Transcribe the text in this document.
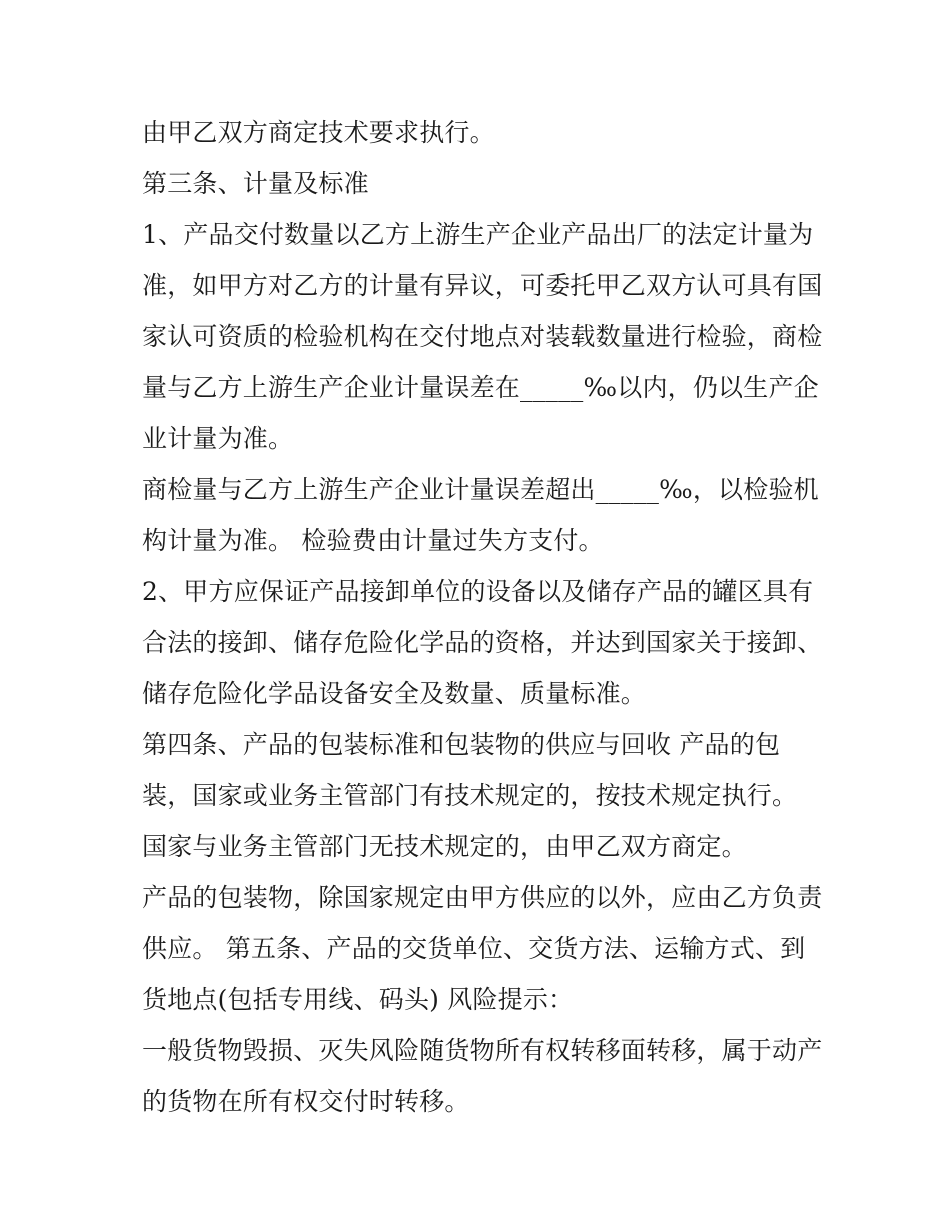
由甲乙双方商定技术要求执行。
第三条、计量及标准
1、产品交付数量以乙方上游生产企业产品出厂的法定计量为
准，如甲方对乙方的计量有异议，可委托甲乙双方认可具有国
家认可资质的检验机构在交付地点对装载数量进行检验，商检
量与乙方上游生产企业计量误差在_____‰以内，仍以生产企
业计量为准。
商检量与乙方上游生产企业计量误差超出_____‰，以检验机
构计量为准。 检验费由计量过失方支付。
2、甲方应保证产品接卸单位的设备以及储存产品的罐区具有
合法的接卸、储存危险化学品的资格，并达到国家关于接卸、
储存危险化学品设备安全及数量、质量标准。
第四条、产品的包装标准和包装物的供应与回收 产品的包
装，国家或业务主管部门有技术规定的，按技术规定执行。
国家与业务主管部门无技术规定的，由甲乙双方商定。
产品的包装物，除国家规定由甲方供应的以外，应由乙方负责
供应。 第五条、产品的交货单位、交货方法、运输方式、到
货地点(包括专用线、码头) 风险提示：
一般货物毁损、灭失风险随货物所有权转移面转移，属于动产
的货物在所有权交付时转移。
